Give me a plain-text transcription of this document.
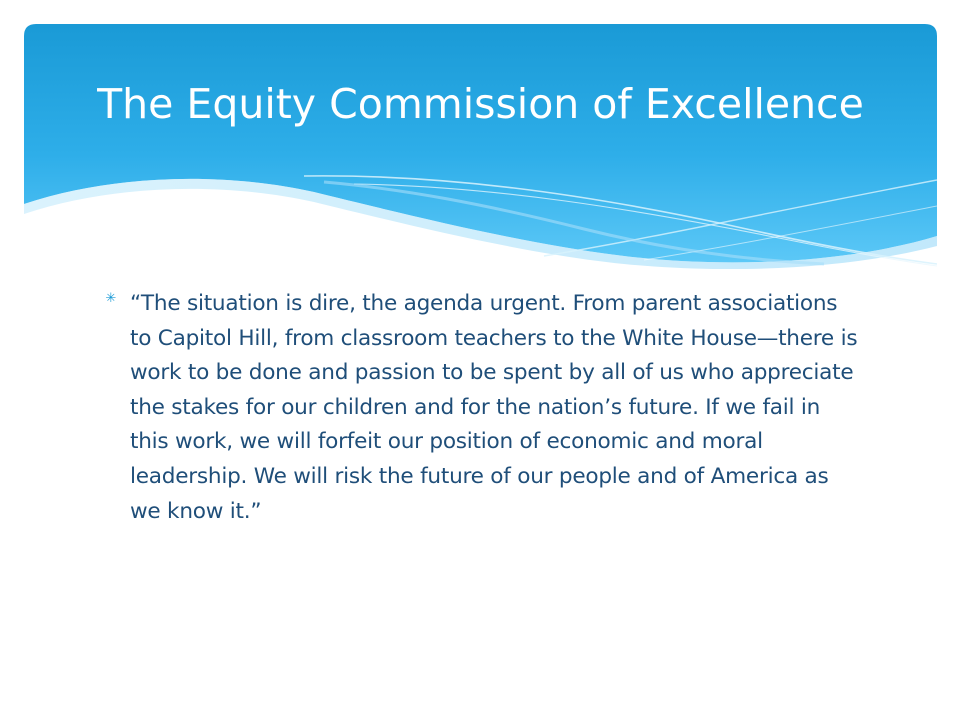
The Equity Commission of Excellence

✳ “The situation is dire, the agenda urgent. From parent associations to Capitol Hill, from classroom teachers to the White House—there is work to be done and passion to be spent by all of us who appreciate the stakes for our children and for the nation’s future. If we fail in this work, we will forfeit our position of economic and moral leadership. We will risk the future of our people and of America as we know it.”
